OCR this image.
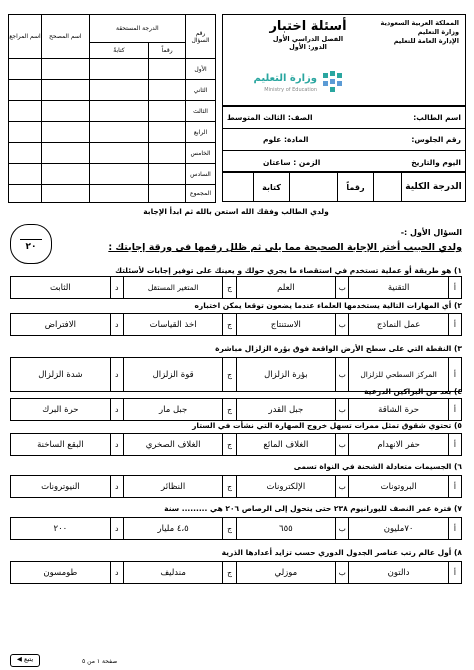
اسم المراجع	اسم المصحح	الدرجة المستحقة		رقم السؤال
		كتابةً	رقماً	
				الأول
				الثاني
				الثالث
				الرابع
				الخامس
				السادس
				المجموع
المملكة العربية السعودية
وزارة التعليم
الإدارة العامة للتعليم
أسئلة اختبار
الفصل الدراسي الأول الدور: الأول
وزارة التعليم
Ministry of Education
اسم الطالب:
الصف: الثالث المتوسط
رقم الجلوس:
المادة: علوم
اليوم والتاريخ
الزمن : ساعتان
الدرجة الكلية		رقماً		كتابة	
ولدي الطالب وفقك الله استعن بالله ثم ابدأ الإجابة
٢٠
السؤال الأول :-
ولدي الحبيب أختر الإجابة الصحيحة مما يلي ثم ظلل رقمها في ورقة إجابتك :
١) هو طريقة أو عملية تستخدم في استقصاء ما يجري حولك و يعينك على توفير إجابات لأسئلتك
أ	التقنية	ب	العلم	ج	المتغير المستقل	د	الثابت
٢) أي المهارات التالية يستخدمها العلماء عندما يضعون توقعا يمكن اختباره
أ	عمل النماذج	ب	الاستنتاج	ج	اخذ القياسات	د	الافتراض
٣) النقطة التي على سطح الأرض الواقعة فوق بؤرة الزلزال مباشرة
أ	المركز السطحي للزلزال	ب	بؤرة الزلزال	ج	قوة الزلزال	د	شدة الزلزال
٤) بعد من البراكين الدرعية
أ	حرة الشاقة	ب	جبل القدر	ج	جبل مار	د	حرة البرك
٥) تحتوي شقوق تمثل ممرات تسهل خروج الصهارة التي نشأت في الستار
أ	حفر الانهدام	ب	الغلاف المائع	ج	الغلاف الصخري	د	البقع الساخنة
٦) الجسيمات متعادلة الشحنة في النواة تسمى
أ	البروتونات	ب	الإلكترونات	ج	النظائر	د	النيوترونات
٧) فترة عمر النصف لليورانيوم ٢٣٨ حتى يتحول إلى الرصاص ٢٠٦ هي ......... سنة
أ	٧٠مليون	ب	٦٥٥	ج	٤،٥ مليار	د	٢٠٠
٨) أول عالم رتب عناصر الجدول الدوري حسب تزايد أعدادها الذرية
أ	دالتون	ب	موزلي	ج	مندليف	د	طومسون
صفحة ١ من ٥
◀ يتبع
